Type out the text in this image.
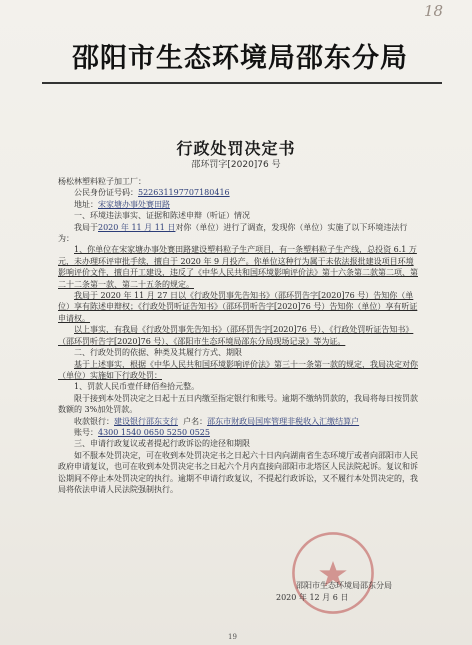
18
邵阳市生态环境局邵东分局
行政处罚决定书
邵环罚字[2020]76 号

杨松林塑料粒子加工厂：

公民身份证号码：522631197707180416

地址：宋家塘办事处赛田路

一、环境违法事实、证据和陈述申辩（听证）情况

我局于2020 年 11 月 11 日对你（单位）进行了调查，发现你（单位）实施了以下环境违法行为：

1、你单位在宋家塘办事处赛田路建设塑料粒子生产项目，有一条塑料粒子生产线，总投资 6.1 万元，未办理环评审批手续，擅自于 2020 年 9 月投产。你单位这种行为属于未依法报批建设项目环境影响评价文件，擅自开工建设，违反了《中华人民共和国环境影响评价法》第十六条第二款第二项、第二十二条第一款、第二十五条的规定。

我局于 2020 年 11 月 27 日以《行政处罚事先告知书》（邵环罚告字[2020]76 号）告知你（单位）享有陈述申辩权；《行政处罚听证告知书》（邵环罚听告字[2020]76 号）告知你（单位）享有听证申请权。

以上事实，有我局《行政处罚事先告知书》（邵环罚告字[2020]76 号）、《行政处罚听证告知书》（邵环罚听告字[2020]76 号）、《邵阳市生态环境局邵东分局现场记录》等为证。

二、行政处罚的依据、种类及其履行方式、期限

基于上述事实，根据《中华人民共和国环境影响评价法》第三十一条第一款的规定，我局决定对你（单位）实施如下行政处罚：

1、罚款人民币壹仟肆佰叁拾元整。

限于接到本处罚决定之日起十五日内缴至指定银行和账号。逾期不缴纳罚款的，我局将每日按罚款数额的 3%加处罚款。

收款银行：建设银行邵东支行 户名：邵东市财政局国库管理非税收入汇缴结算户

账号：4300 1540 0650 5250 0525

三、申请行政复议或者提起行政诉讼的途径和期限

如不服本处罚决定，可在收到本处罚决定书之日起六十日内向湖南省生态环境厅或者向邵阳市人民政府申请复议，也可在收到本处罚决定书之日起六个月内直接向邵阳市北塔区人民法院起诉。复议和诉讼期间不停止本处罚决定的执行。逾期不申请行政复议，不提起行政诉讼，又不履行本处罚决定的，我局将依法申请人民法院强制执行。

邵阳市生态环境局邵东分局
2020 年 12 月 6 日
19
